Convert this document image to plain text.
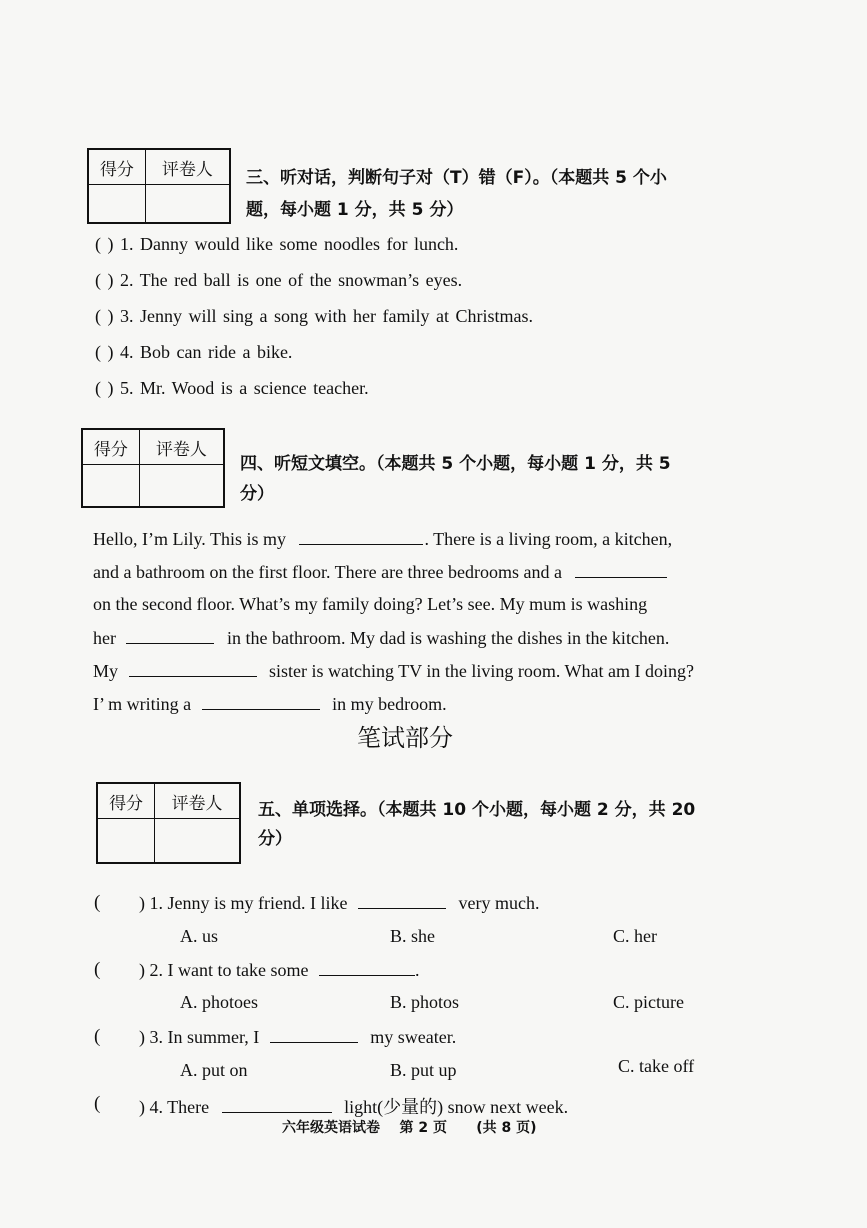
得分	评卷人
	三、听对话，判断句子对（T）错（F）。（本题共 5 个小
题，每小题 1 分，共 5 分）
( ) 1. Danny would like some noodles for lunch.
( ) 2. The red ball is one of the snowman’s eyes.
( ) 3. Jenny will sing a song with her family at Christmas.
( ) 4. Bob can ride a bike.
( ) 5. Mr. Wood is a science teacher.
得分	评卷人

四、听短文填空。（本题共 5 个小题，每小题 1 分，共 5
分）
Hello, I’m Lily. This is my	. There is a living room, a kitchen,
and a bathroom on the first floor. There are three bedrooms and a
on the second floor. What’s my family doing? Let’s see. My mum is washing
her	in the bathroom. My dad is washing the dishes in the kitchen.
My	sister is watching TV in the living room. What am I doing?
I’ m writing a	in my bedroom.
笔试部分
得分	评卷人
	五、单项选择。（本题共 10 个小题，每小题 2 分，共 20
分）
( ) 1. Jenny is my friend. I like	very much.
A. us	B. she	C. her
( ) 2. I want to take some	.
A. photoes	B. photos	C. picture
( ) 3. In summer, I	my sweater.
A. put on	B. put up	C. take off
( ) 4. There	light(少量的) snow next week.
六年级英语试卷    第 2 页      (共 8 页)
